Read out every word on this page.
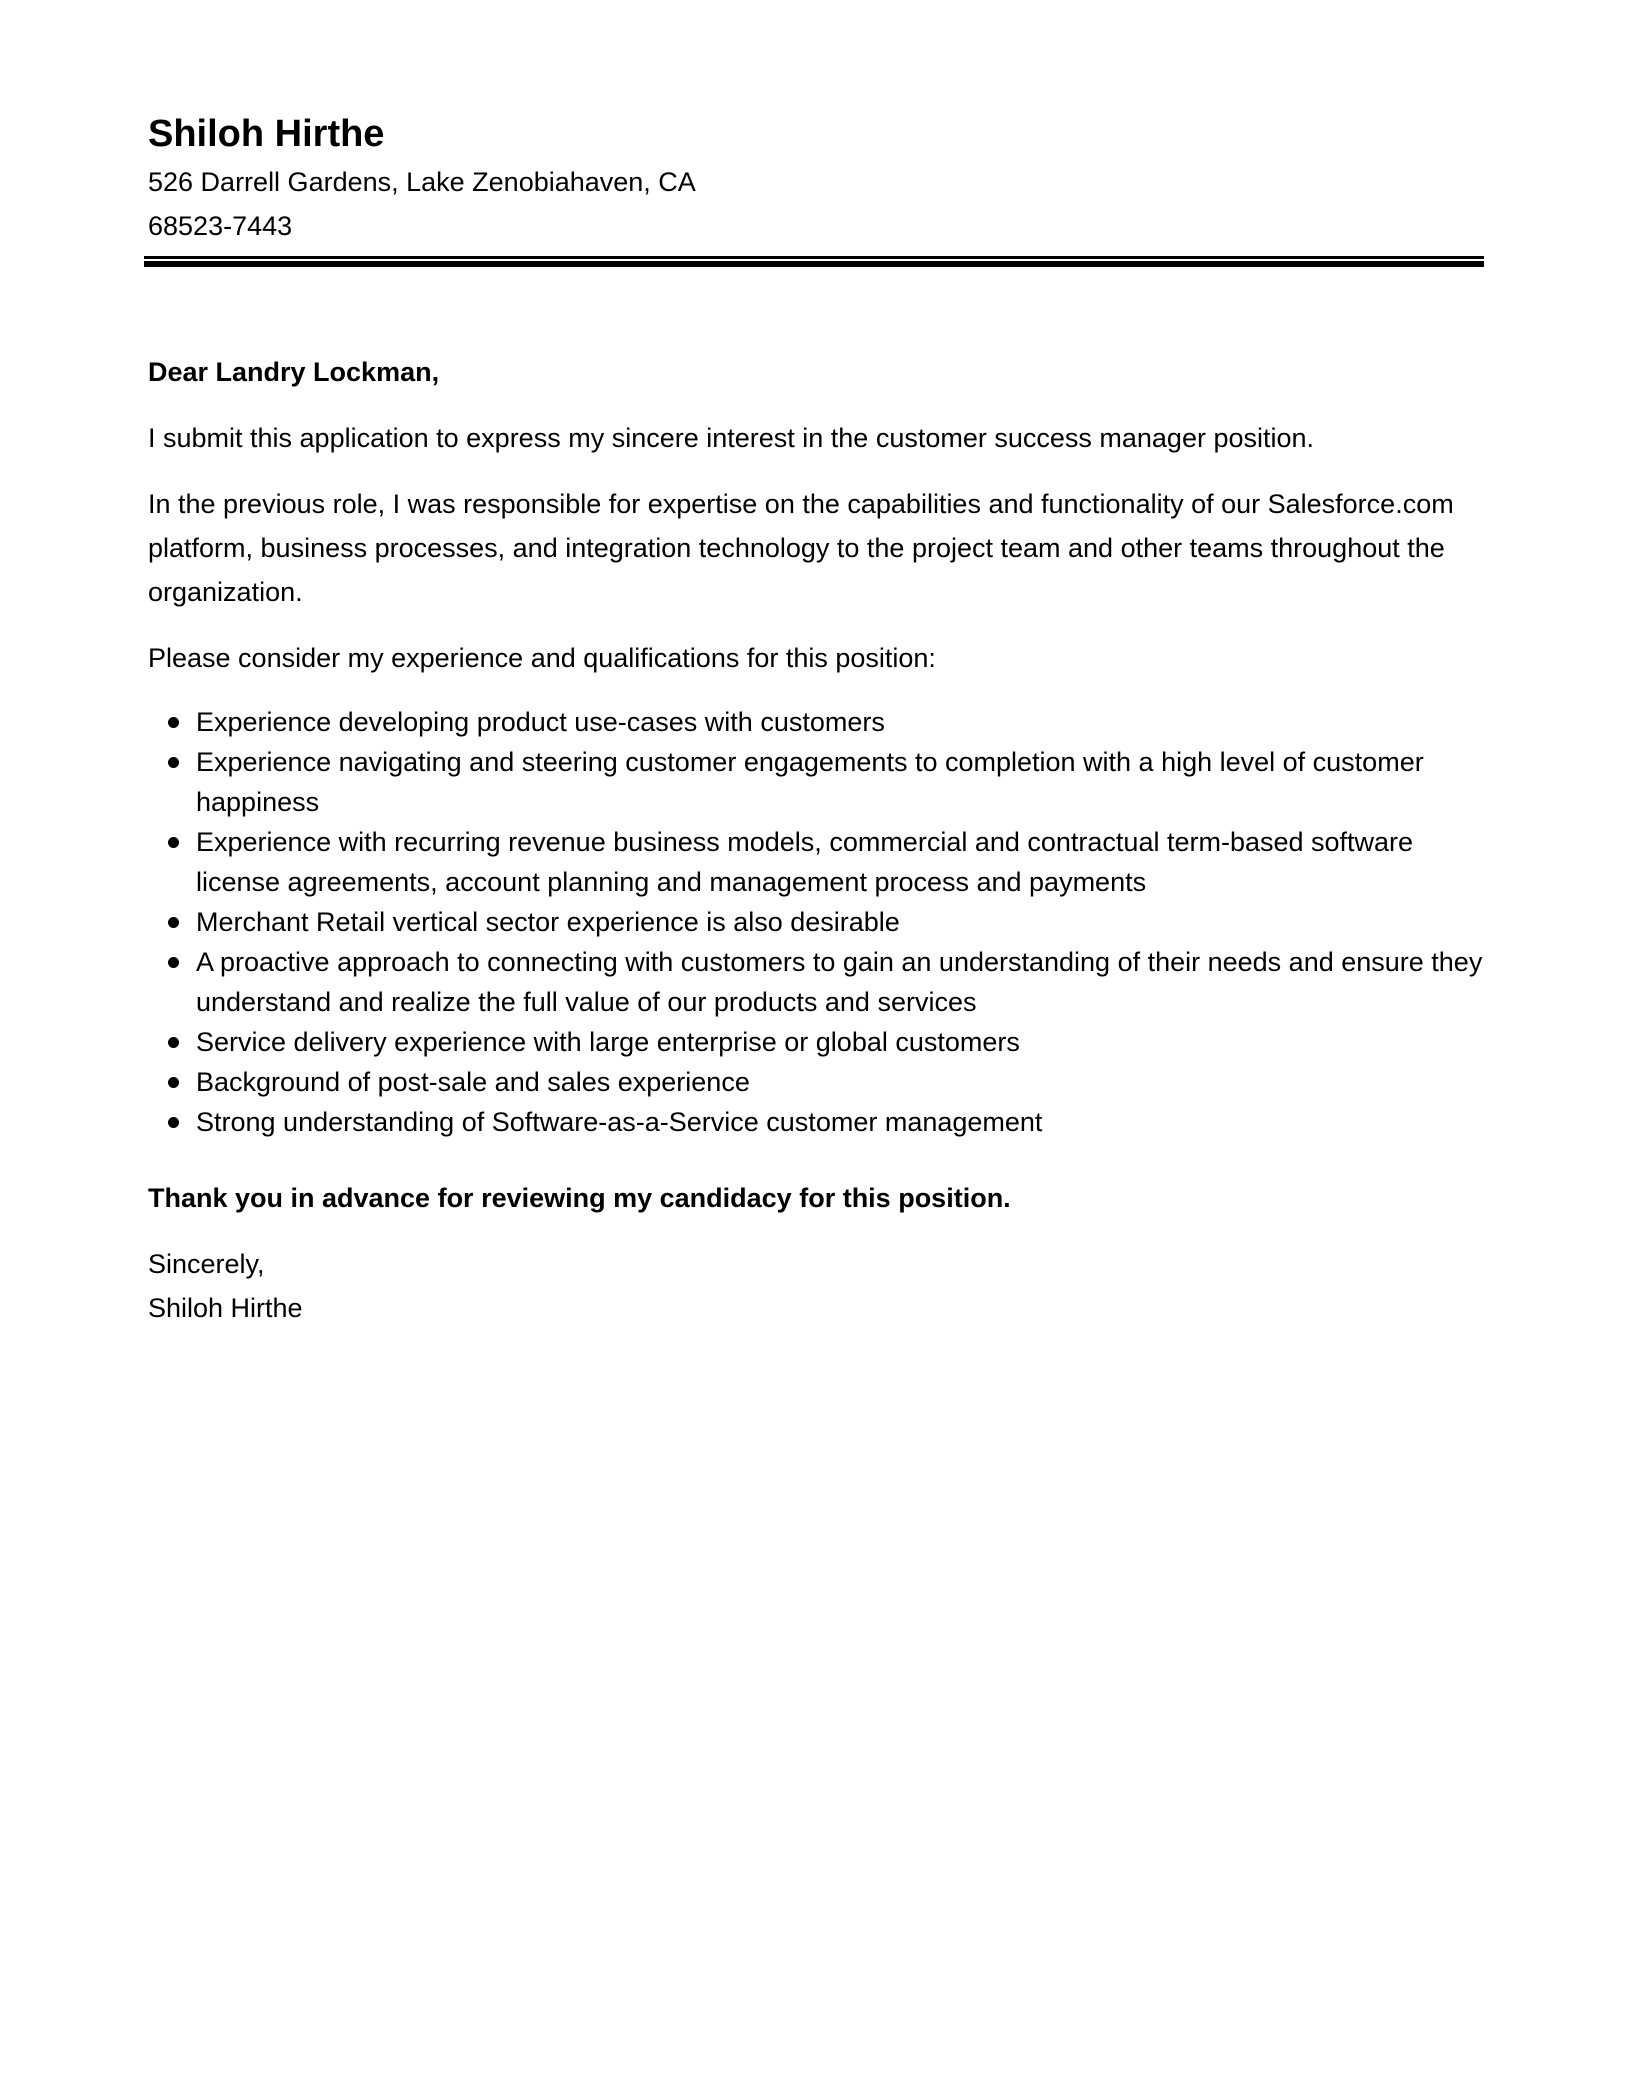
Shiloh Hirthe

526 Darrell Gardens, Lake Zenobiahaven, CA

68523-7443

Dear Landry Lockman,

I submit this application to express my sincere interest in the customer success manager position.

In the previous role, I was responsible for expertise on the capabilities and functionality of our Salesforce.com platform, business processes, and integration technology to the project team and other teams throughout the organization.

Please consider my experience and qualifications for this position:

Experience developing product use-cases with customers
Experience navigating and steering customer engagements to completion with a high level of customer happiness
Experience with recurring revenue business models, commercial and contractual term-based software license agreements, account planning and management process and payments
Merchant Retail vertical sector experience is also desirable
A proactive approach to connecting with customers to gain an understanding of their needs and ensure they understand and realize the full value of our products and services
Service delivery experience with large enterprise or global customers
Background of post-sale and sales experience
Strong understanding of Software-as-a-Service customer management

Thank you in advance for reviewing my candidacy for this position.

Sincerely,

Shiloh Hirthe
